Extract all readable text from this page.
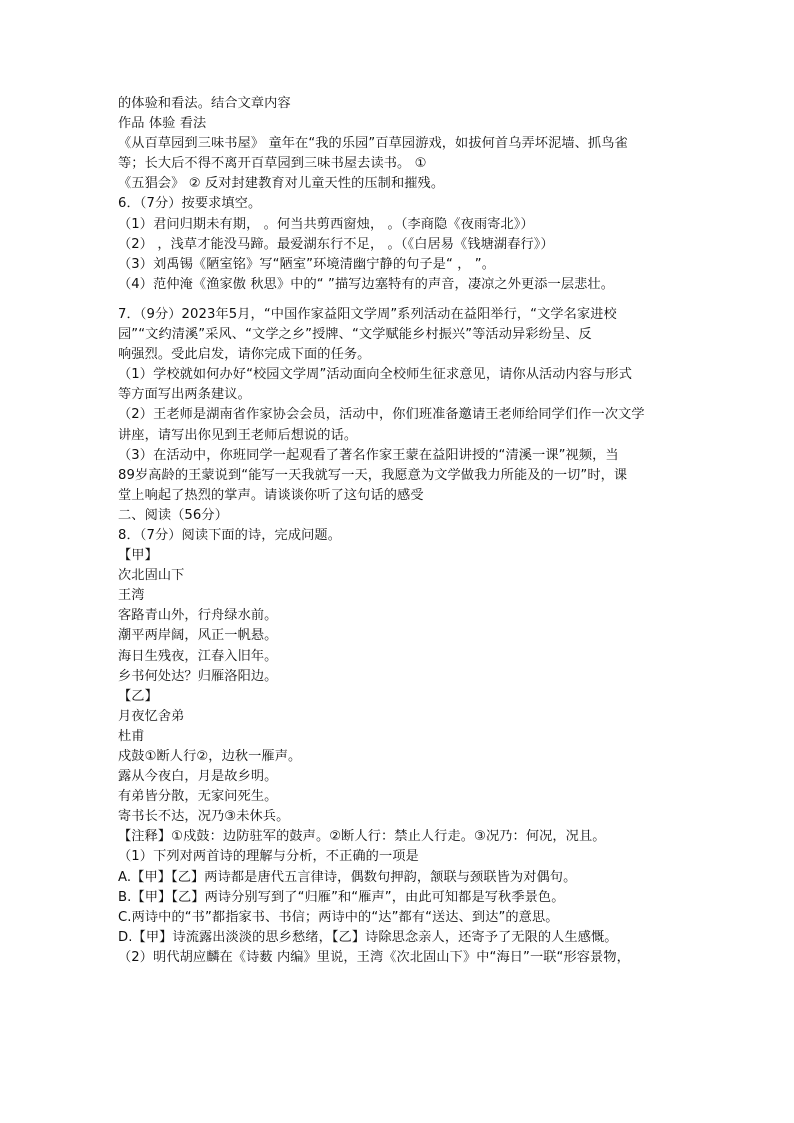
的体验和看法。结合文章内容
作品 体验 看法
《从百草园到三味书屋》 童年在“我的乐园”百草园游戏，如拔何首乌弄坏泥墙、抓鸟雀
等；长大后不得不离开百草园到三味书屋去读书。 ①
《五猖会》 ② 反对封建教育对儿童天性的压制和摧残。
6．（7分）按要求填空。
（1）君问归期未有期， 。何当共剪西窗烛， 。（李商隐《夜雨寄北》）
（2） ，浅草才能没马蹄。最爱湖东行不足， 。（《白居易《钱塘湖春行》）
（3）刘禹锡《陋室铭》写“陋室”环境清幽宁静的句子是“ ， ”。
（4）范仲淹《渔家傲 秋思》中的“ ”描写边塞特有的声音，凄凉之外更添一层悲壮。
7．（9分）2023年5月，“中国作家益阳文学周”系列活动在益阳举行，“文学名家进校
园”“文约清溪”采风、“文学之乡”授牌、“文学赋能乡村振兴”等活动异彩纷呈、反
响强烈。受此启发，请你完成下面的任务。
（1）学校就如何办好“校园文学周”活动面向全校师生征求意见，请你从活动内容与形式
等方面写出两条建议。
（2）王老师是湖南省作家协会会员，活动中，你们班准备邀请王老师给同学们作一次文学
讲座，请写出你见到王老师后想说的话。
（3）在活动中，你班同学一起观看了著名作家王蒙在益阳讲授的“清溪一课”视频，当
89岁高龄的王蒙说到“能写一天我就写一天，我愿意为文学做我力所能及的一切”时，课
堂上响起了热烈的掌声。请谈谈你听了这句话的感受
二、阅读（56分）
8．（7分）阅读下面的诗，完成问题。
【甲】
次北固山下
王湾
客路青山外，行舟绿水前。
潮平两岸阔，风正一帆悬。
海日生残夜，江春入旧年。
乡书何处达？归雁洛阳边。
【乙】
月夜忆舍弟
杜甫
戍鼓①断人行②，边秋一雁声。
露从今夜白，月是故乡明。
有弟皆分散，无家问死生。
寄书长不达，况乃③未休兵。
【注释】①戍鼓：边防驻军的鼓声。②断人行：禁止人行走。③况乃：何况，况且。
（1）下列对两首诗的理解与分析，不正确的一项是
A.【甲】【乙】两诗都是唐代五言律诗，偶数句押韵，颔联与颈联皆为对偶句。
B.【甲】【乙】两诗分别写到了“归雁”和“雁声”，由此可知都是写秋季景色。
C.两诗中的“书”都指家书、书信；两诗中的“达”都有“送达、到达”的意思。
D.【甲】诗流露出淡淡的思乡愁绪，【乙】诗除思念亲人，还寄予了无限的人生感慨。
（2）明代胡应麟在《诗薮 内编》里说，王湾《次北固山下》中“海日”一联“形容景物，
